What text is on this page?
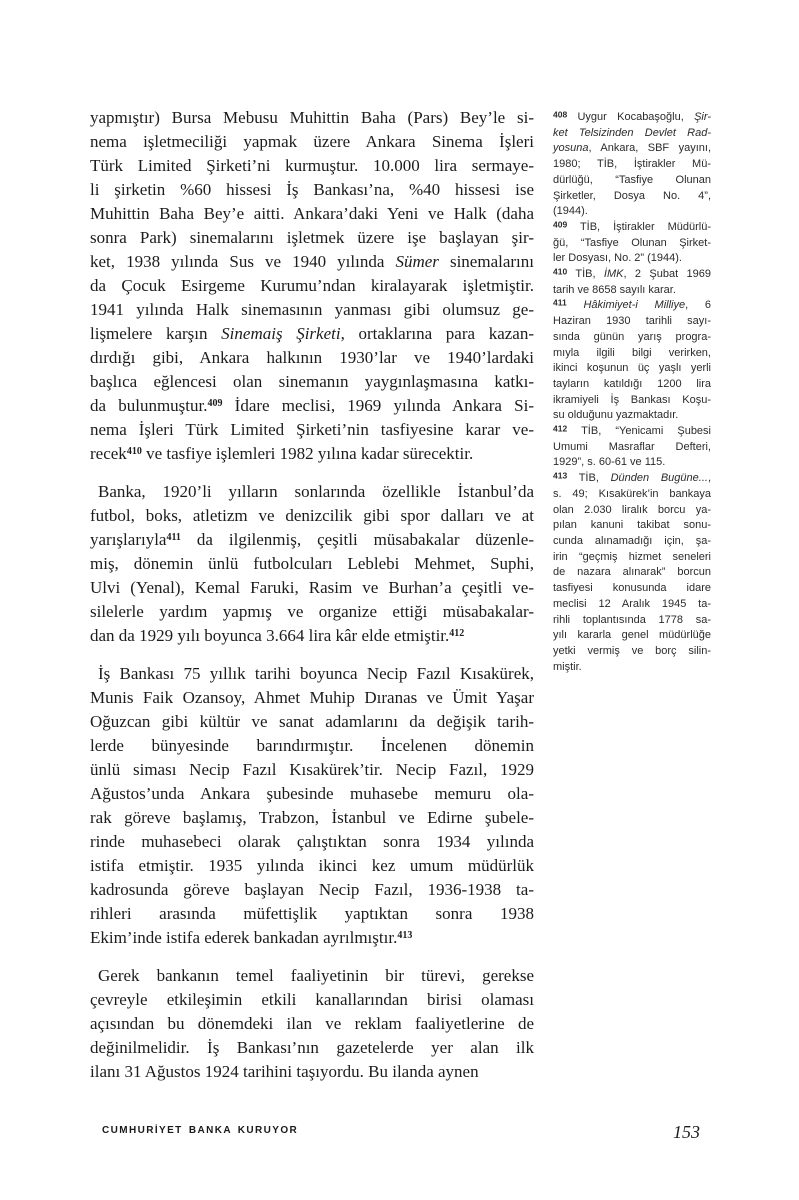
yapmıştır) Bursa Mebusu Muhittin Baha (Pars) Bey’le si-
nema işletmeciliği yapmak üzere Ankara Sinema İşleri
Türk Limited Şirketi’ni kurmuştur. 10.000 lira sermaye-
li şirketin %60 hissesi İş Bankası’na, %40 hissesi ise
Muhittin Baha Bey’e aitti. Ankara’daki Yeni ve Halk (daha
sonra Park) sinemalarını işletmek üzere işe başlayan şir-
ket, 1938 yılında Sus ve 1940 yılında Sümer sinemalarını
da Çocuk Esirgeme Kurumu’ndan kiralayarak işletmiştir.
1941 yılında Halk sinemasının yanması gibi olumsuz ge-
lişmelere karşın Sinemaiş Şirketi, ortaklarına para kazan-
dırdığı gibi, Ankara halkının 1930’lar ve 1940’lardaki
başlıca eğlencesi olan sinemanın yaygınlaşmasına katkı-
da bulunmuştur.$^{409}$ İdare meclisi, 1969 yılında Ankara Si-
nema İşleri Türk Limited Şirketi’nin tasfiyesine karar ve-
recek$^{410}$ ve tasfiye işlemleri 1982 yılına kadar sürecektir.
Banka, 1920’li yılların sonlarında özellikle İstanbul’da
futbol, boks, atletizm ve denizcilik gibi spor dalları ve at
yarışlarıyla$^{411}$ da ilgilenmiş, çeşitli müsabakalar düzenle-
miş, dönemin ünlü futbolcuları Leblebi Mehmet, Suphi,
Ulvi (Yenal), Kemal Faruki, Rasim ve Burhan’a çeşitli ve-
silelerle yardım yapmış ve organize ettiği müsabakalar-
dan da 1929 yılı boyunca 3.664 lira kâr elde etmiştir.$^{412}$
İş Bankası 75 yıllık tarihi boyunca Necip Fazıl Kısakürek,
Munis Faik Ozansoy, Ahmet Muhip Dıranas ve Ümit Yaşar
Oğuzcan gibi kültür ve sanat adamlarını da değişik tarih-
lerde bünyesinde barındırmıştır. İncelenen dönemin
ünlü siması Necip Fazıl Kısakürek’tir. Necip Fazıl, 1929
Ağustos’unda Ankara şubesinde muhasebe memuru ola-
rak göreve başlamış, Trabzon, İstanbul ve Edirne şubele-
rinde muhasebeci olarak çalıştıktan sonra 1934 yılında
istifa etmiştir. 1935 yılında ikinci kez umum müdürlük
kadrosunda göreve başlayan Necip Fazıl, 1936-1938 ta-
rihleri arasında müfettişlik yaptıktan sonra 1938
Ekim’inde istifa ederek bankadan ayrılmıştır.$^{413}$
Gerek bankanın temel faaliyetinin bir türevi, gerekse
çevreyle etkileşimin etkili kanallarından birisi olaması
açısından bu dönemdeki ilan ve reklam faaliyetlerine de
değinilmelidir. İş Bankası’nın gazetelerde yer alan ilk
ilanı 31 Ağustos 1924 tarihini taşıyordu. Bu ilanda aynen
$^{408}$ Uygur Kocabaşoğlu, Şir-
ket Telsizinden Devlet Rad-
yosuna, Ankara, SBF yayını,
1980; TİB, İştirakler Mü-
dürlüğü, “Tasfiye Olunan
Şirketler, Dosya No. 4”,
(1944).
$^{409}$ TİB, İştirakler Müdürlü-
ğü, “Tasfiye Olunan Şirket-
ler Dosyası, No. 2” (1944).
$^{410}$ TİB, İMK, 2 Şubat 1969
tarih ve 8658 sayılı karar.
$^{411}$ Hâkimiyet-i Milliye, 6
Haziran 1930 tarihli sayı-
sında günün yarış progra-
mıyla ilgili bilgi verirken,
ikinci koşunun üç yaşlı yerli
tayların katıldığı 1200 lira
ikramiyeli İş Bankası Koşu-
su olduğunu yazmaktadır.
$^{412}$ TİB, “Yenicami Şubesi
Umumi Masraflar Defteri,
1929”, s. 60-61 ve 115.
$^{413}$ TİB, Dünden Bugüne...,
s. 49; Kısakürek’in bankaya
olan 2.030 liralık borcu ya-
pılan kanuni takibat sonu-
cunda alınamadığı için, şa-
irin “geçmiş hizmet seneleri
de nazara alınarak” borcun
tasfiyesi konusunda idare
meclisi 12 Aralık 1945 ta-
rihli toplantısında 1778 sa-
yılı kararla genel müdürlüğe
yetki vermiş ve borç silin-
miştir.
CUMHURİYET BANKA KURUYOR	153
